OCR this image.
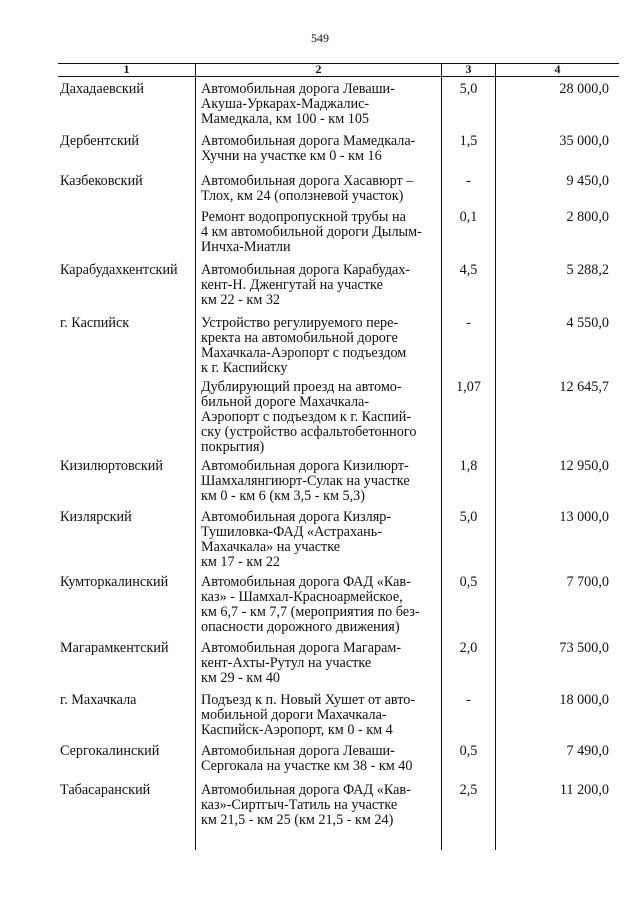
549
1	2	3	4
Дахадаевский	Автомобильная дорога Леваши-
Акуша-Уркарах-Маджалис-
Мамедкала, км 100 - км 105
5,0	28 000,0
Дербентский	Автомобильная дорога Мамедкала-
Хучни на участке км 0 - км 16
1,5	35 000,0
Казбековский	Автомобильная дорога Хасавюрт –
Тлох, км 24 (оползневой участок)
-	9 450,0
Ремонт водопропускной трубы на
4 км автомобильной дороги Дылым-
Инчха-Миатли
0,1	2 800,0
Карабудахкентский	Автомобильная дорога Карабудах-
кент-Н. Дженгутай на участке
км 22 - км 32
4,5	5 288,2
г. Каспийск	Устройство регулируемого пере-
кректа на автомобильной дороге
Махачкала-Аэропорт с подъездом
к г. Каспийску
-	4 550,0
Дублирующий проезд на автомо-
бильной дороге Махачкала-
Аэропорт с подъездом к г. Каспий-
ску (устройство асфальтобетонного
покрытия)
1,07	12 645,7
Кизилюртовский	Автомобильная дорога Кизилюрт-
Шамхалянгиюрт-Сулак на участке
км 0 - км 6 (км 3,5 - км 5,3)
1,8	12 950,0
Кизлярский	Автомобильная дорога Кизляр-
Тушиловка-ФАД «Астрахань-
Махачкала» на участке
км 17 - км 22
5,0	13 000,0
Кумторкалинский	Автомобильная дорога ФАД «Кав-
каз» - Шамхал-Красноармейское,
км 6,7 - км 7,7 (мероприятия по без-
опасности дорожного движения)
0,5	7 700,0
Магарамкентский	Автомобильная дорога Магарам-
кент-Ахты-Рутул на участке
км 29 - км 40
2,0	73 500,0
г. Махачкала	Подъезд к п. Новый Хушет от авто-
мобильной дороги Махачкала-
Каспийск-Аэропорт, км 0 - км 4
-	18 000,0
Сергокалинский	Автомобильная дорога Леваши-
Сергокала на участке км 38 - км 40
0,5	7 490,0
Табасаранский	Автомобильная дорога ФАД «Кав-
каз»-Сиртгыч-Татиль на участке
км 21,5 - км 25 (км 21,5 - км 24)
2,5	11 200,0
